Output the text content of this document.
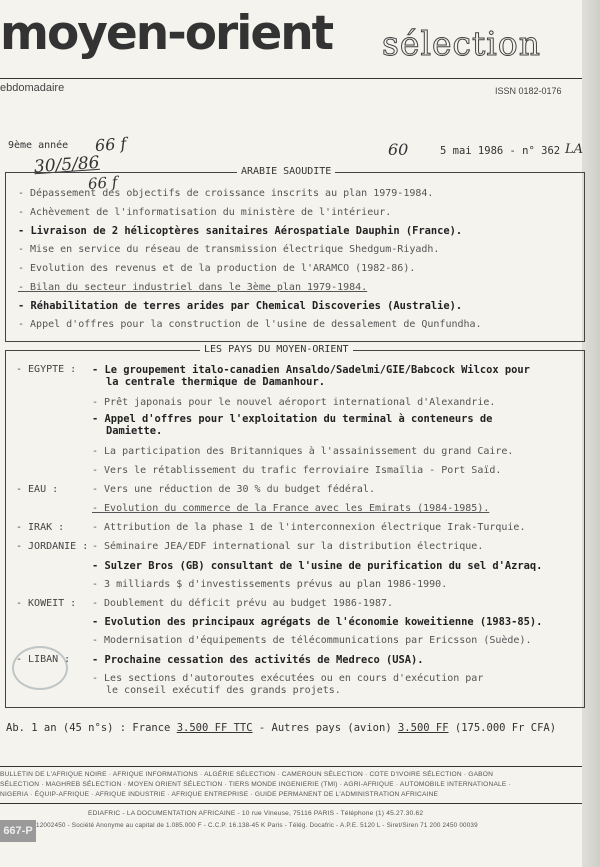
moyen-orient sélection
ebdomadaire	ISSN 0182-0176
9ème année 66 f
30/5/86
66 f
60	5 mai 1986 - n° 362 LA
ARABIE SAOUDITE
- Dépassement des objectifs de croissance inscrits au plan 1979-1984.
- Achèvement de l'informatisation du ministère de l'intérieur.
- Livraison de 2 hélicoptères sanitaires Aérospatiale Dauphin (France).
- Mise en service du réseau de transmission électrique Shedgum-Riyadh.
- Evolution des revenus et de la production de l'ARAMCO (1982-86).
- Bilan du secteur industriel dans le 3ème plan 1979-1984.
- Réhabilitation de terres arides par Chemical Discoveries (Australie).
- Appel d'offres pour la construction de l'usine de dessalement de Qunfundha.
LES PAYS DU MOYEN-ORIENT
- EGYPTE : - Le groupement italo-canadien Ansaldo/Sadelmi/GIE/Babcock Wilcox pour
la centrale thermique de Damanhour.
- Prêt japonais pour le nouvel aéroport international d'Alexandrie.
- Appel d'offres pour l'exploitation du terminal à conteneurs de
Damiette.
- La participation des Britanniques à l'assainissement du grand Caire.
- Vers le rétablissement du trafic ferroviaire Ismaïlia - Port Saïd.
- EAU :	- Vers une réduction de 30 % du budget fédéral.
- Evolution du commerce de la France avec les Emirats (1984-1985).
- IRAK :	- Attribution de la phase 1 de l'interconnexion électrique Irak-Turquie.
- JORDANIE : - Séminaire JEA/EDF international sur la distribution électrique.
- Sulzer Bros (GB) consultant de l'usine de purification du sel d'Azraq.
- 3 milliards $ d'investissements prévus au plan 1986-1990.
- KOWEIT : - Doublement du déficit prévu au budget 1986-1987.
- Evolution des principaux agrégats de l'économie koweitienne (1983-85).
- Modernisation d'équipements de télécommunications par Ericsson (Suède).
- LIBAN : - Prochaine cessation des activités de Medreco (USA).
- Les sections d'autoroutes exécutées ou en cours d'exécution par
le conseil exécutif des grands projets.
Ab. 1 an (45 n°s) : France 3.500 FF TTC - Autres pays (avion) 3.500 FF (175.000 Fr CFA)
BULLETIN DE L'AFRIQUE NOIRE · AFRIQUE INFORMATIONS · ALGÉRIE SÉLECTION · CAMEROUN SÉLECTION · COTE D'IVOIRE SÉLECTION · GABON
SÉLECTION · MAGHREB SÉLECTION · MOYEN ORIENT SÉLECTION · TIERS MONDE INGENIERIE (TMI) · AGRI-AFRIQUE · AUTOMOBILE INTERNATIONALE ·
NIGERIA · ÉQUIP-AFRIQUE · AFRIQUE INDUSTRIE · AFRIQUE ENTREPRISE · GUIDE PERMANENT DE L'ADMINISTRATION AFRICAINE
EDIAFRIC - LA DOCUMENTATION AFRICAINE - 10 rue Vineuse, 75116 PARIS - Téléphone (1) 45.27.30.62
12002450 - Société Anonyme au capital de 1.085.000 F - C.C.P. 16.138-45 K Paris - Télég. Docafric - A.P.E. 5120 L - Siret/Siren 71 200 2450 00039
667-P
